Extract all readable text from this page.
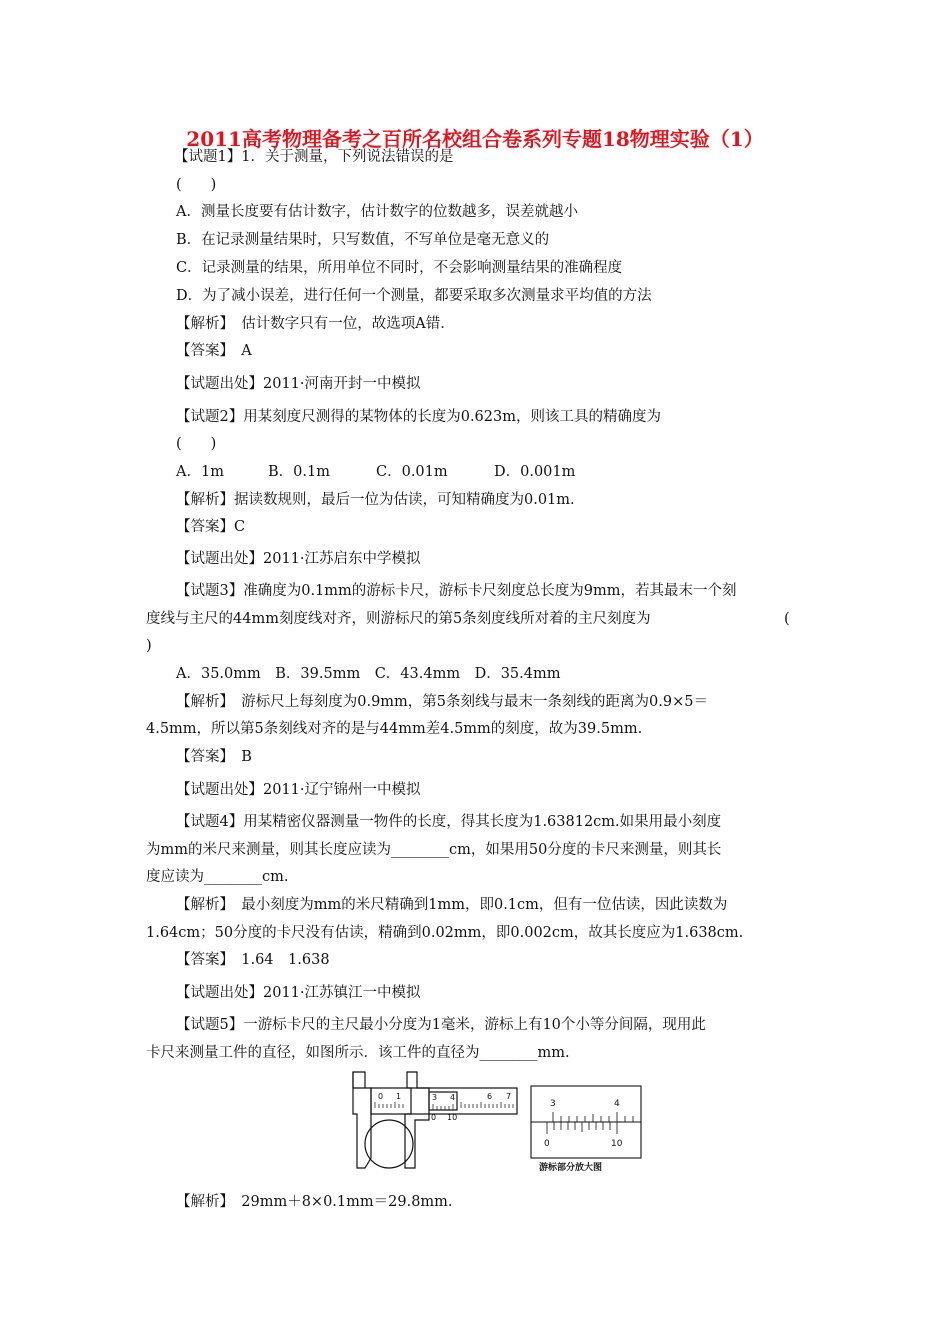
2011高考物理备考之百所名校组合卷系列专题18物理实验（1）
【试题1】1．关于测量，下列说法错误的是
(　　)
A．测量长度要有估计数字，估计数字的位数越多，误差就越小
B．在记录测量结果时，只写数值，不写单位是毫无意义的
C．记录测量的结果，所用单位不同时，不会影响测量结果的准确程度
D．为了减小误差，进行任何一个测量，都要采取多次测量求平均值的方法
【解析】　估计数字只有一位，故选项A错．
【答案】　A
【试题出处】2011·河南开封一中模拟
【试题2】用某刻度尺测得的某物体的长度为0.623m，则该工具的精确度为
(　　)
A．1m	B．0.1m	C．0.01m	D．0.001m
【解析】据读数规则，最后一位为估读，可知精确度为0.01m.
【答案】C
【试题出处】2011·江苏启东中学模拟
【试题3】准确度为0.1mm的游标卡尺，游标卡尺刻度总长度为9mm，若其最末一个刻
度线与主尺的44mm刻度线对齐，则游标尺的第5条刻度线所对着的主尺刻度为	(
)
A．35.0mm　B．39.5mm　C．43.4mm　D．35.4mm
【解析】　游标尺上每刻度为0.9mm，第5条刻线与最末一条刻线的距离为0.9×5＝
4.5mm，所以第5条刻线对齐的是与44mm差4.5mm的刻度，故为39.5mm.
【答案】　B
【试题出处】2011·辽宁锦州一中模拟
【试题4】用某精密仪器测量一物件的长度，得其长度为1.63812cm.如果用最小刻度
为mm的米尺来测量，则其长度应读为________cm，如果用50分度的卡尺来测量，则其长
度应读为________cm.
【解析】　最小刻度为mm的米尺精确到1mm，即0.1cm，但有一位估读，因此读数为
1.64cm；50分度的卡尺没有估读，精确到0.02mm，即0.002cm，故其长度应为1.638cm.
【答案】　1.64　1.638
【试题出处】2011·江苏镇江一中模拟
【试题5】一游标卡尺的主尺最小分度为1毫米，游标上有10个小等分间隔，现用此
卡尺来测量工件的直径，如图所示．该工件的直径为________mm.
0 1	3 4	6 7
0 10
3	4
0	10
游标部分放大图
【解析】　29mm＋8×0.1mm＝29.8mm.
